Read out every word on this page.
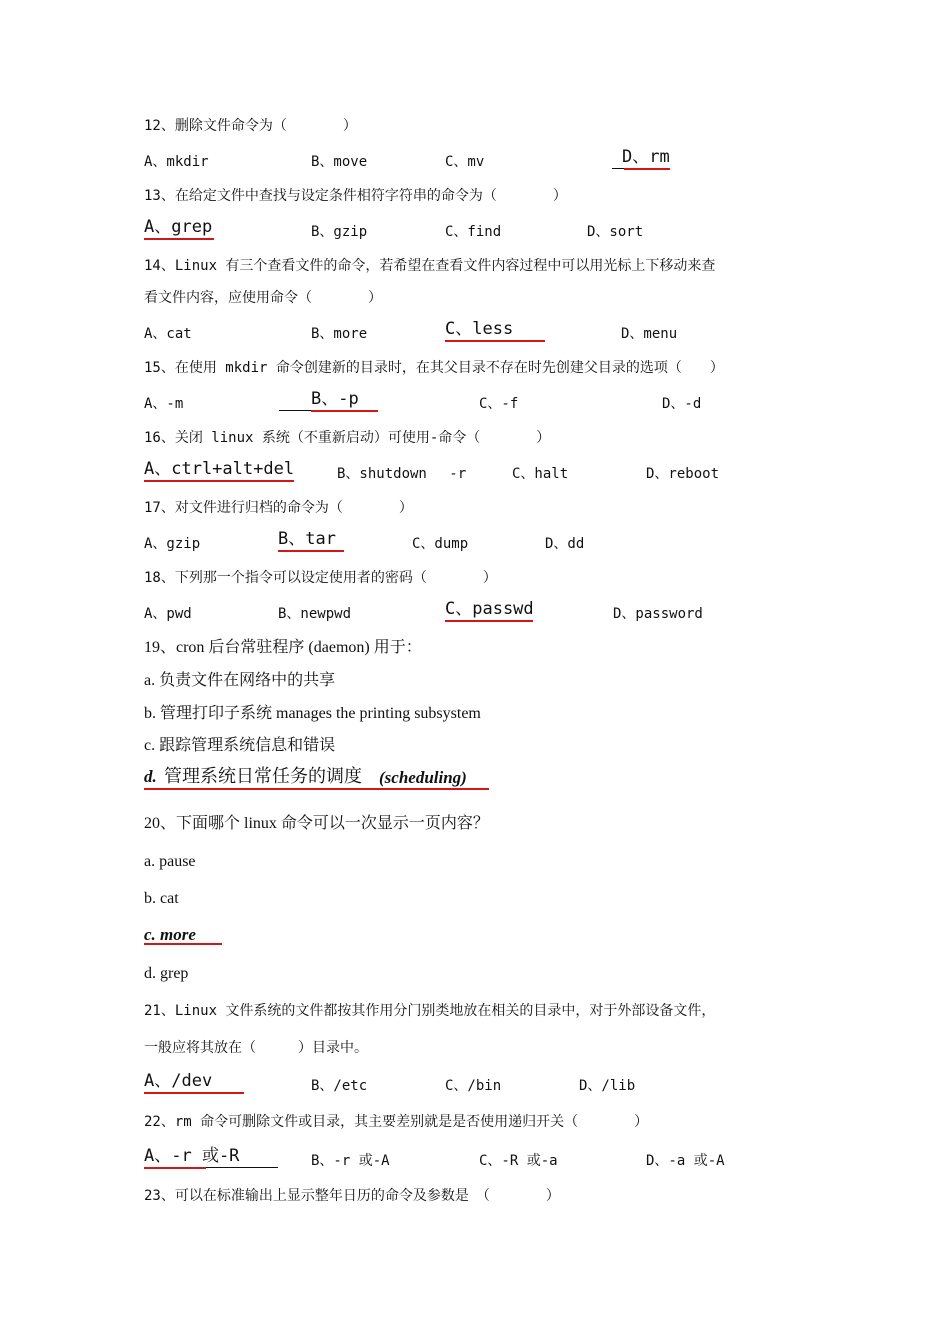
12、删除文件命令为（　　　　）
A、mkdir	B、move	C、mv	D、rm
13、在给定文件中查找与设定条件相符字符串的命令为（　　　　）
A、grep	B、gzip	C、find	D、sort
14、Linux 有三个查看文件的命令，若希望在查看文件内容过程中可以用光标上下移动来查
看文件内容，应使用命令（　　　　）
A、cat	B、more	C、less	D、menu
15、在使用 mkdir 命令创建新的目录时，在其父目录不存在时先创建父目录的选项（　　）
A、-m	B、-p	C、-f	D、-d
16、关闭 linux 系统（不重新启动）可使用-命令（　　　　）
A、ctrl+alt+del	B、shutdown　 -r	C、halt	D、reboot
17、对文件进行归档的命令为（　　　　）
A、gzip	B、tar	C、dump	D、dd
18、下列那一个指令可以设定使用者的密码（　　　　）
A、pwd	B、newpwd	C、passwd	D、password
19、cron 后台常驻程序 (daemon) 用于：
a. 负责文件在网络中的共享
b. 管理打印子系统 manages the printing subsystem
c. 跟踪管理系统信息和错误
d. 管理系统日常任务的调度 (scheduling)
20、下面哪个 linux 命令可以一次显示一页内容？
a. pause
b. cat
c. more
d. grep
21、Linux 文件系统的文件都按其作用分门别类地放在相关的目录中，对于外部设备文件，
一般应将其放在（　　　）目录中。
A、/dev	B、/etc	C、/bin	D、/lib
22、rm 命令可删除文件或目录，其主要差别就是是否使用递归开关（　　　　）
A、-r 或-R	B、-r 或-A	C、-R 或-a	D、-a 或-A
23、可以在标准输出上显示整年日历的命令及参数是　（　　　　）
